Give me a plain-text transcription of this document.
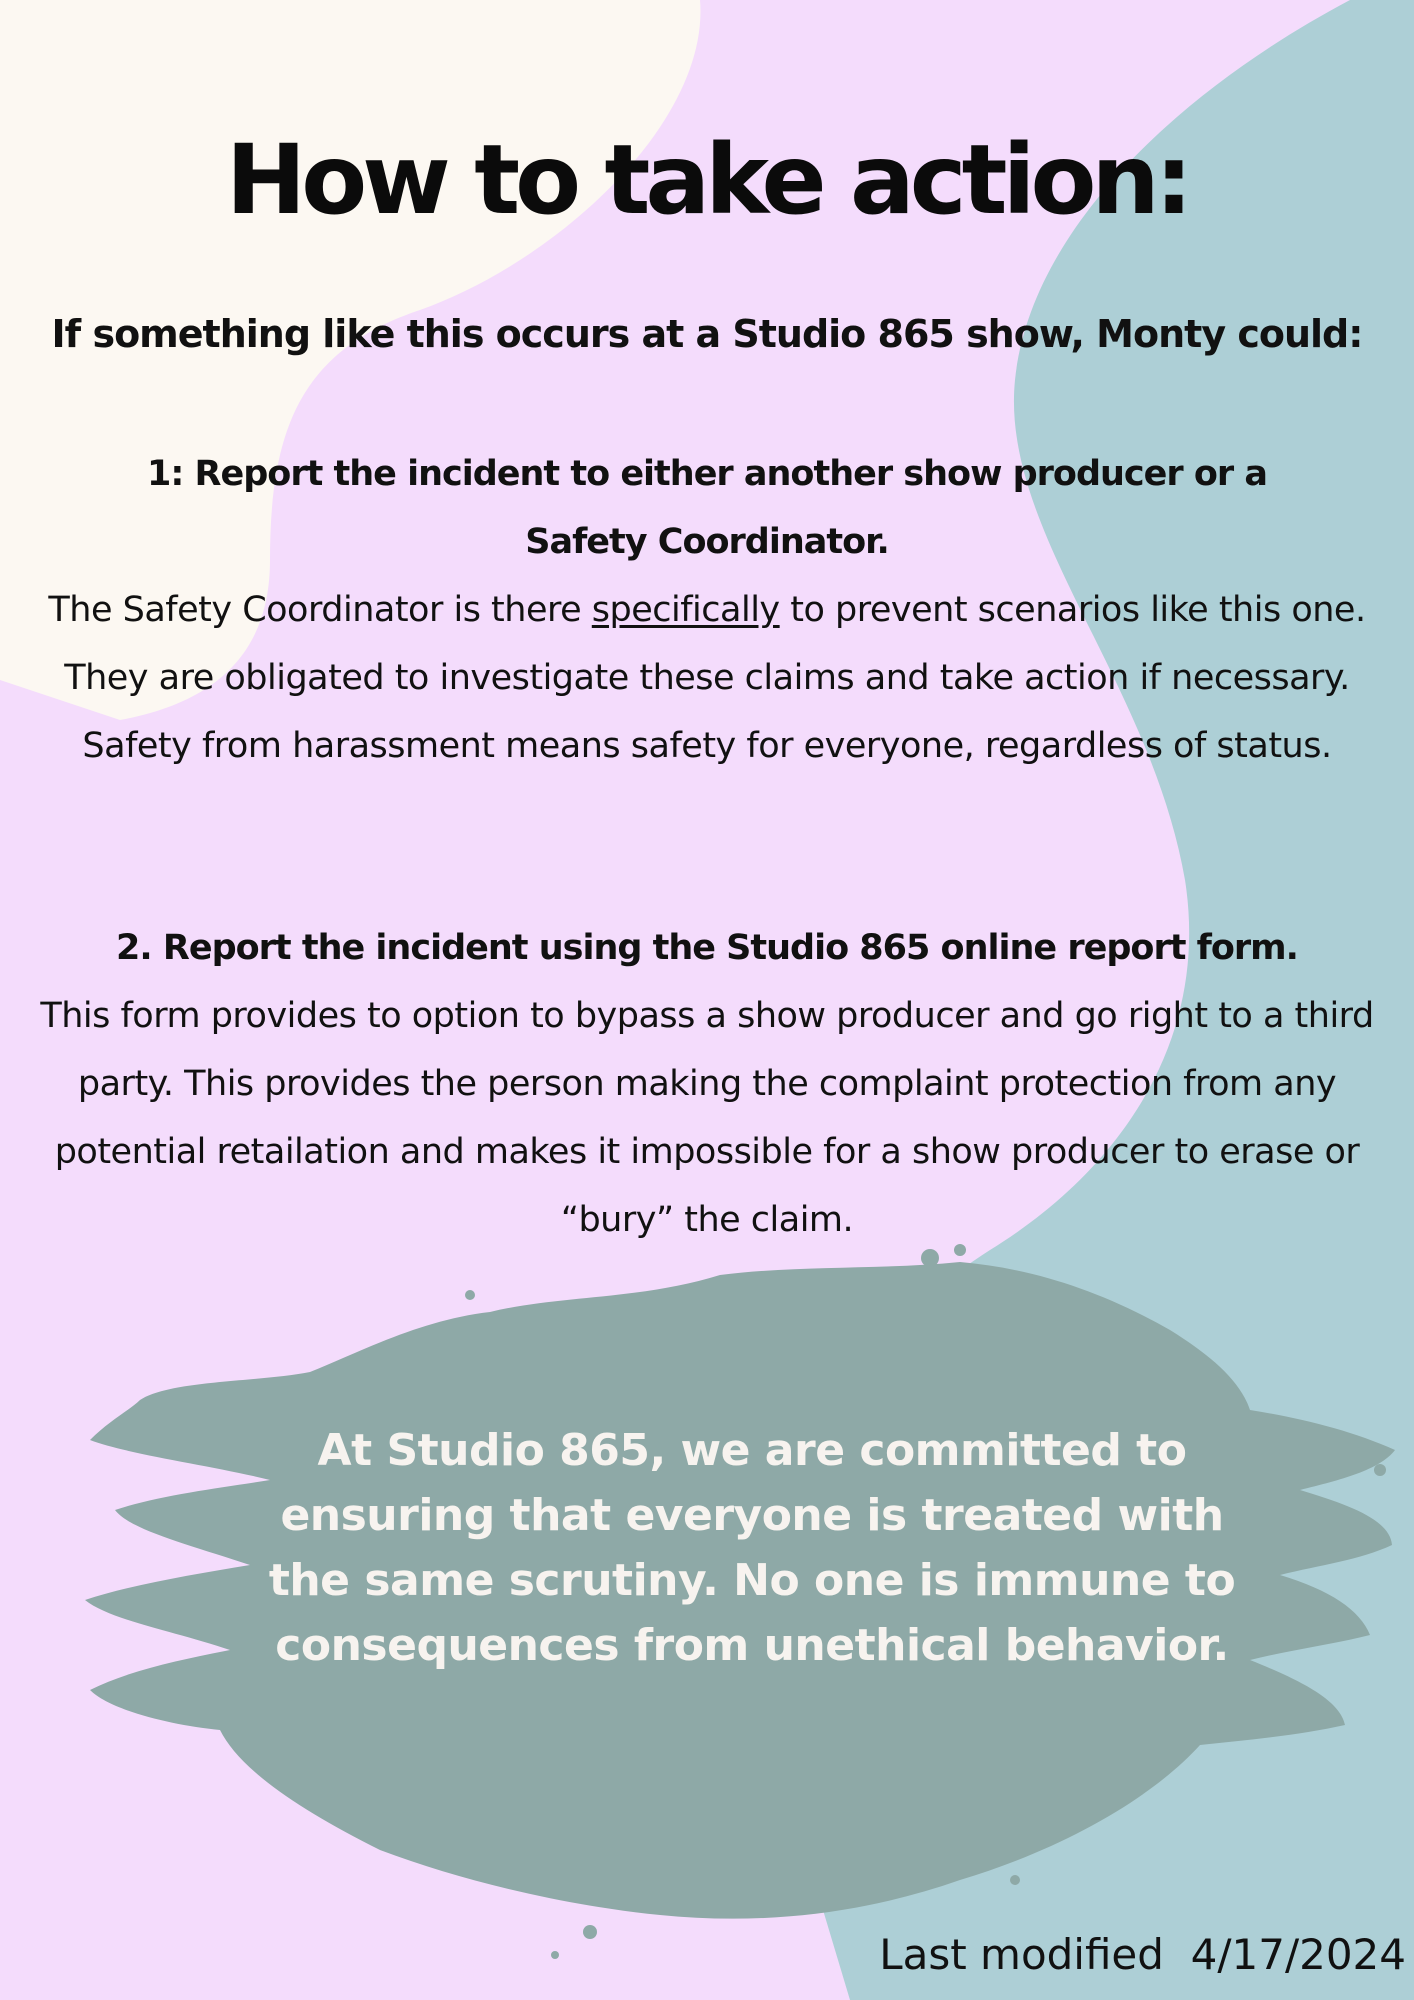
How to take action:

If something like this occurs at a Studio 865 show, Monty could:

1: Report the incident to either another show producer or a
Safety Coordinator.

The Safety Coordinator is there specifically to prevent scenarios like this one. They are obligated to investigate these claims and take action if necessary. Safety from harassment means safety for everyone, regardless of status.

2. Report the incident using the Studio 865 online report form.

This form provides to option to bypass a show producer and go right to a third party. This provides the person making the complaint protection from any potential retailation and makes it impossible for a show producer to erase or “bury” the claim.

At Studio 865, we are committed to ensuring that everyone is treated with the same scrutiny. No one is immune to consequences from unethical behavior.

Last modified 4/17/2024
